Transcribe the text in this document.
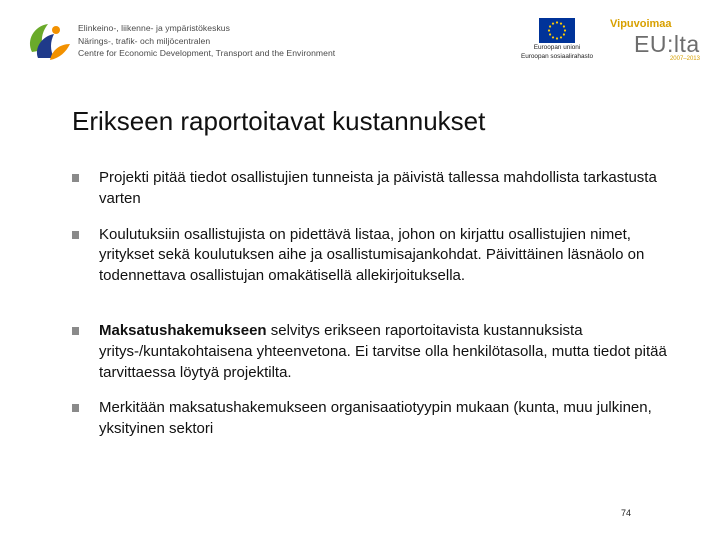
Elinkeino-, liikenne- ja ympäristökeskus
Närings-, trafik- och miljöcentralen
Centre for Economic Development, Transport and the Environment
Euroopan unioni
Euroopan sosiaalirahasto
Vipuvoimaa
EU:lta
2007–2013
Erikseen raportoitavat kustannukset
Projekti pitää tiedot osallistujien tunneista ja päivistä tallessa mahdollista tarkastusta varten
Koulutuksiin osallistujista on pidettävä listaa, johon on kirjattu osallistujien nimet, yritykset sekä koulutuksen aihe ja osallistumisajankohdat. Päivittäinen läsnäolo on todennettava osallistujan omakätisellä allekirjoituksella.
Maksatushakemukseen selvitys erikseen raportoitavista kustannuksista yritys-/kuntakohtaisena yhteenvetona. Ei tarvitse olla henkilötasolla, mutta tiedot pitää tarvittaessa löytyä projektilta.
Merkitään maksatushakemukseen organisaatiotyypin mukaan (kunta, muu julkinen, yksityinen sektori
74
